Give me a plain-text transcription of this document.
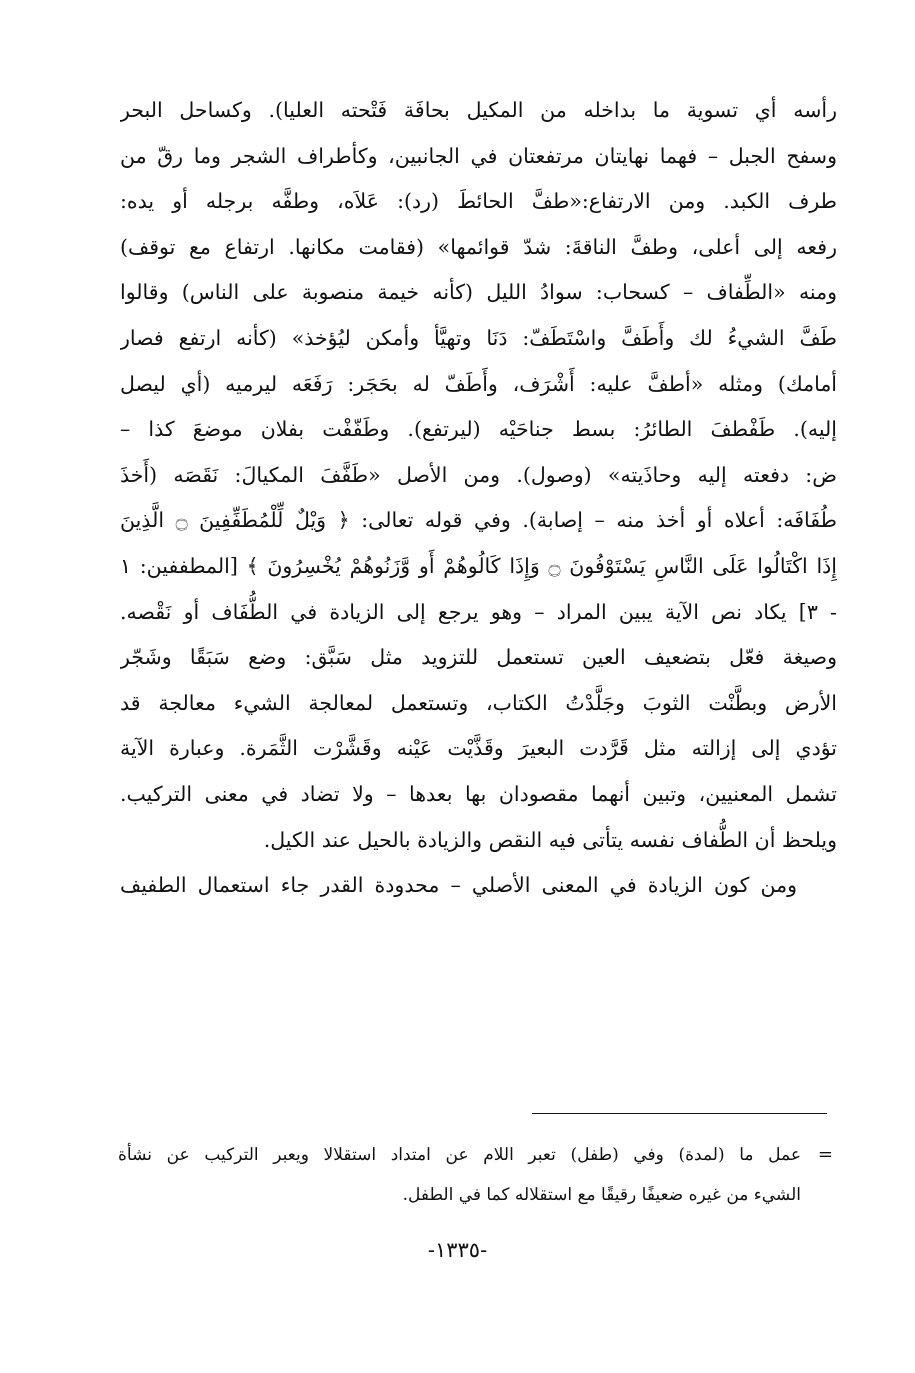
رأسه أي تسوية ما بداخله من المكيل بحافَة فَتْحته العليا). وكساحل البحر
وسفح الجبل – فهما نهايتان مرتفعتان في الجانبين، وكأطراف الشجر وما رقّ من
طرف الكبد. ومن الارتفاع:«طفَّ الحائطَ (رد): عَلاَه، وطفَّه برجله أو يده:
رفعه إلى أعلى، وطفَّ الناقةَ: شدّ قوائمها» (فقامت مكانها. ارتفاع مع توقف)
ومنه «الطِّفاف – كسحاب: سوادُ الليل (كأنه خيمة منصوبة على الناس) وقالوا
طَفَّ الشيءُ لك وأَطَفَّ واسْتَطَفّ: دَنَا وتهيَّأ وأمكن ليُؤخذ» (كأنه ارتفع فصار
أمامك) ومثله «أطفَّ عليه: أَشْرَف، وأَطَفّ له بحَجَر: رَفَعَه ليرميه (أي ليصل
إليه). طَفْطفَ الطائرُ: بسط جناحَيْه (ليرتفع). وطَفّفْت بفلان موضعَ كذا –
ض: دفعته إليه وحاذَيته» (وصول). ومن الأصل «طَفَّفَ المكيالَ: نَقَصَه (أَخذَ
طُفَافَه: أعلاه أو أخذ منه – إصابة). وفي قوله تعالى: ﴿ وَيْلٌ لِّلْمُطَفِّفِينَ ۝ الَّذِينَ
إِذَا اكْتَالُوا عَلَى النَّاسِ يَسْتَوْفُونَ ۝ وَإِذَا كَالُوهُمْ أَو وَّزَنُوهُمْ يُخْسِرُونَ ﴾ [المطففين: ١
- ٣] يكاد نص الآية يبين المراد – وهو يرجع إلى الزيادة في الطُّفَاف أو نَقْصه.
وصيغة فعّل بتضعيف العين تستعمل للتزويد مثل سَبَّق: وضع سَبَقًا وشَجّر
الأرض وبطَّنْت الثوبَ وجَلَّدْتُ الكتاب، وتستعمل لمعالجة الشيء معالجة قد
تؤدي إلى إزالته مثل قَرَّدت البعيرَ وقَذَّيْت عَيْنه وقَشَّرْت الثَّمَرة. وعبارة الآية
تشمل المعنيين، وتبين أنهما مقصودان بها بعدها – ولا تضاد في معنى التركيب.
ويلحظ أن الطُّفاف نفسه يتأتى فيه النقص والزيادة بالحيل عند الكيل.
ومن كون الزيادة في المعنى الأصلي – محدودة القدر جاء استعمال الطفيف
=
عمل ما (لمدة) وفي (طفل) تعبر اللام عن امتداد استقلالا ويعبر التركيب عن نشأة
الشيء من غيره ضعيفًا رقيقًا مع استقلاله كما في الطفل.
-١٣٣٥-
